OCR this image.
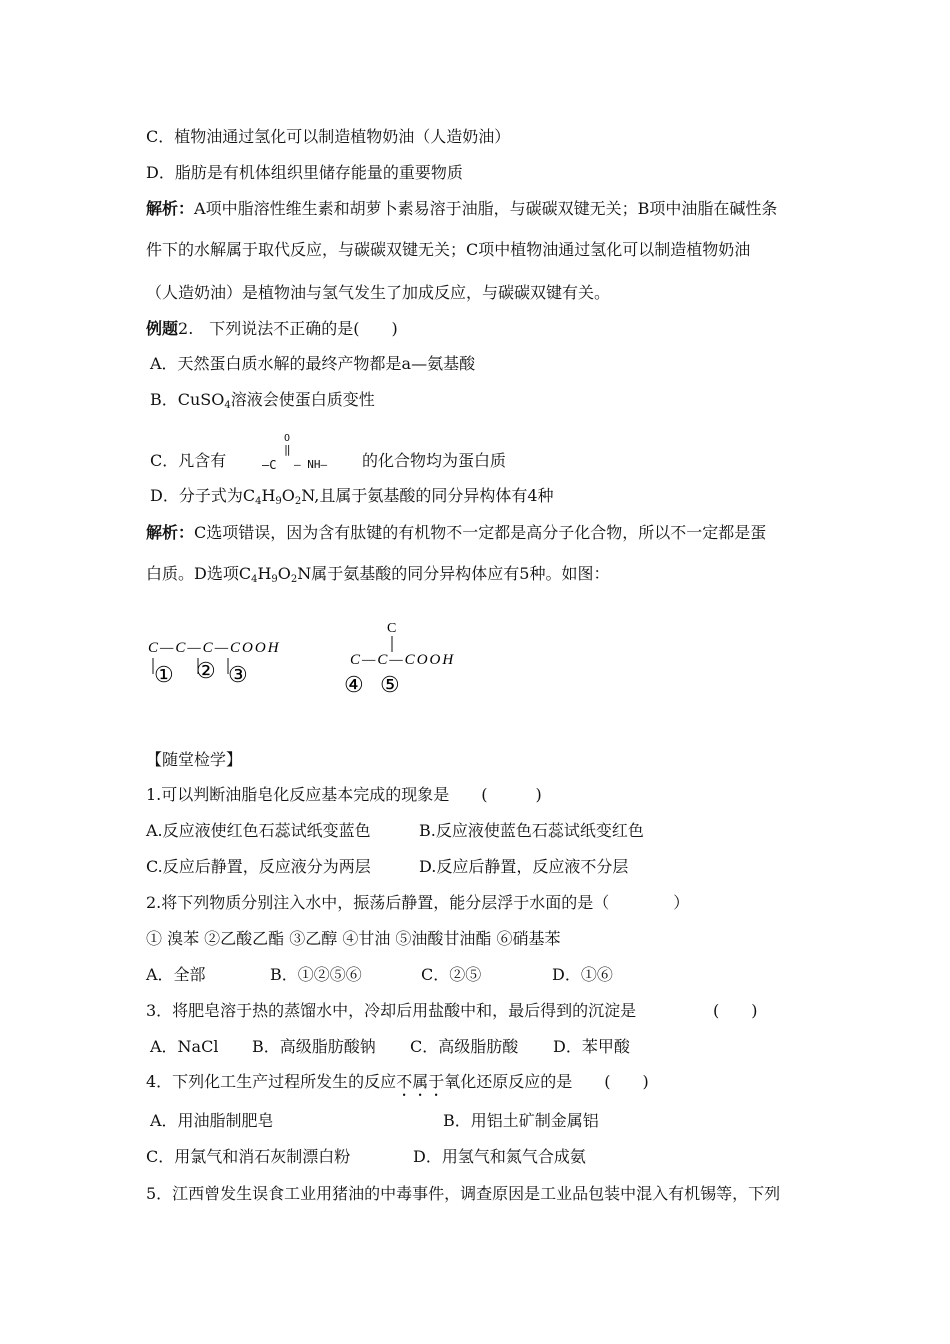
C．植物油通过氢化可以制造植物奶油（人造奶油）
D．脂肪是有机体组织里储存能量的重要物质
解析：A项中脂溶性维生素和胡萝卜素易溶于油脂，与碳碳双键无关；B项中油脂在碱性条
件下的水解属于取代反应，与碳碳双键无关；C项中植物油通过氢化可以制造植物奶油
（人造奶油）是植物油与氢气发生了加成反应，与碳碳双键有关。
例题2.　下列说法不正确的是(　　)
A．天然蛋白质水解的最终产物都是a—氨基酸
B．CuSO$_4$溶液会使蛋白质变性
C．凡含有
O
‖
—C — NH— 的化合物均为蛋白质
D．分子式为$C_4H_9O_2N$,且属于氨基酸的同分异构体有4种
解析：C选项错误，因为含有肽键的有机物不一定都是高分子化合物，所以不一定都是蛋
白质。D选项$C_4H_9O_2N$属于氨基酸的同分异构体应有5种。如图：
C—C—C—COOH
① ② ③
C
C—C—COOH
④ ⑤
【随堂检学】
1.可以判断油脂皂化反应基本完成的现象是　　(　　　)
A.反应液使红色石蕊试纸变蓝色	B.反应液使蓝色石蕊试纸变红色
C.反应后静置，反应液分为两层	D.反应后静置，反应液不分层
2.将下列物质分别注入水中，振荡后静置，能分层浮于水面的是（　　　　）
① 溴苯 ②乙酸乙酯 ③乙醇 ④甘油 ⑤油酸甘油酯 ⑥硝基苯
A．全部	B．①②⑤⑥	C．②⑤	D．①⑥
3．将肥皂溶于热的蒸馏水中，冷却后用盐酸中和，最后得到的沉淀是	(　　)
A．NaCl B．高级脂肪酸钠 C．高级脂肪酸 D．苯甲酸
4．下列化工生产过程所发生的反应不属于氧化还原反应的是　　(　　)
A．用油脂制肥皂	B．用铝土矿制金属铝
C．用氯气和消石灰制漂白粉	D．用氢气和氮气合成氨
5．江西曾发生误食工业用猪油的中毒事件，调查原因是工业品包装中混入有机锡等，下列
